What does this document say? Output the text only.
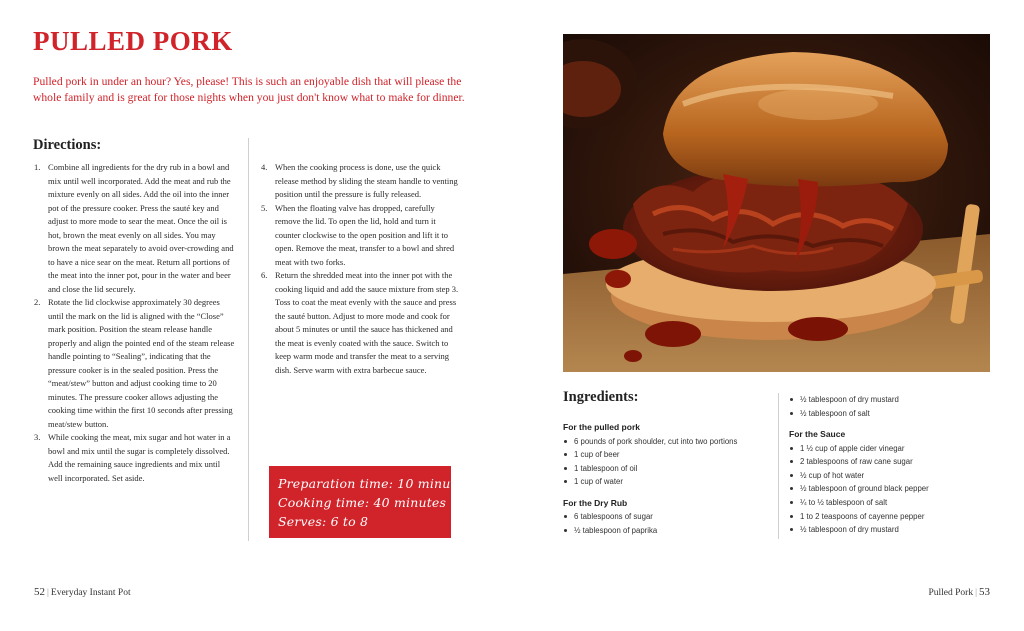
PULLED PORK

Pulled pork in under an hour? Yes, please! This is such an enjoyable dish that will please the whole family and is great for those nights when you just don't know what to make for dinner.

Directions:
1. Combine all ingredients for the dry rub in a bowl and mix until well incorporated. Add the meat and rub the mixture evenly on all sides. Add the oil into the inner pot of the pressure cooker. Press the sauté key and adjust to more mode to sear the meat. Once the oil is hot, brown the meat evenly on all sides. You may brown the meat separately to avoid over-crowding and to have a nice sear on the meat. Return all portions of the meat into the inner pot, pour in the water and beer and close the lid securely.
2. Rotate the lid clockwise approximately 30 degrees until the mark on the lid is aligned with the “Close” mark position. Position the steam release handle properly and align the pointed end of the steam release handle pointing to “Sealing”, indicating that the pressure cooker is in the sealed position. Press the “meat/stew” button and adjust cooking time to 20 minutes. The pressure cooker allows adjusting the cooking time within the first 10 seconds after pressing meat/stew button.
3. While cooking the meat, mix sugar and hot water in a bowl and mix until the sugar is completely dissolved. Add the remaining sauce ingredients and mix until well incorporated. Set aside.
4. When the cooking process is done, use the quick release method by sliding the steam handle to venting position until the pressure is fully released.
5. When the floating valve has dropped, carefully remove the lid. To open the lid, hold and turn it counter clockwise to the open position and lift it to open. Remove the meat, transfer to a bowl and shred meat with two forks.
6. Return the shredded meat into the inner pot with the cooking liquid and add the sauce mixture from step 3. Toss to coat the meat evenly with the sauce and press the sauté button. Adjust to more mode and cook for about 5 minutes or until the sauce has thickened and the meat is evenly coated with the sauce. Switch to keep warm mode and transfer the meat to a serving dish. Serve warm with extra barbecue sauce.
Preparation time: 10 minutes
Cooking time: 40 minutes
Serves: 6 to 8
Ingredients:

For the pulled pork

6 pounds of pork shoulder, cut into two portions
1 cup of beer
1 tablespoon of oil
1 cup of water

For the Dry Rub

6 tablespoons of sugar
½ tablespoon of paprika
½ tablespoon of dry mustard
½ tablespoon of salt

For the Sauce

1 ½ cup of apple cider vinegar
2 tablespoons of raw cane sugar
½ cup of hot water
½ tablespoon of ground black pepper
¼ to ½ tablespoon of salt
1 to 2 teaspoons of cayenne pepper
½ tablespoon of dry mustard
52 | Everyday Instant Pot	Pulled Pork | 53
